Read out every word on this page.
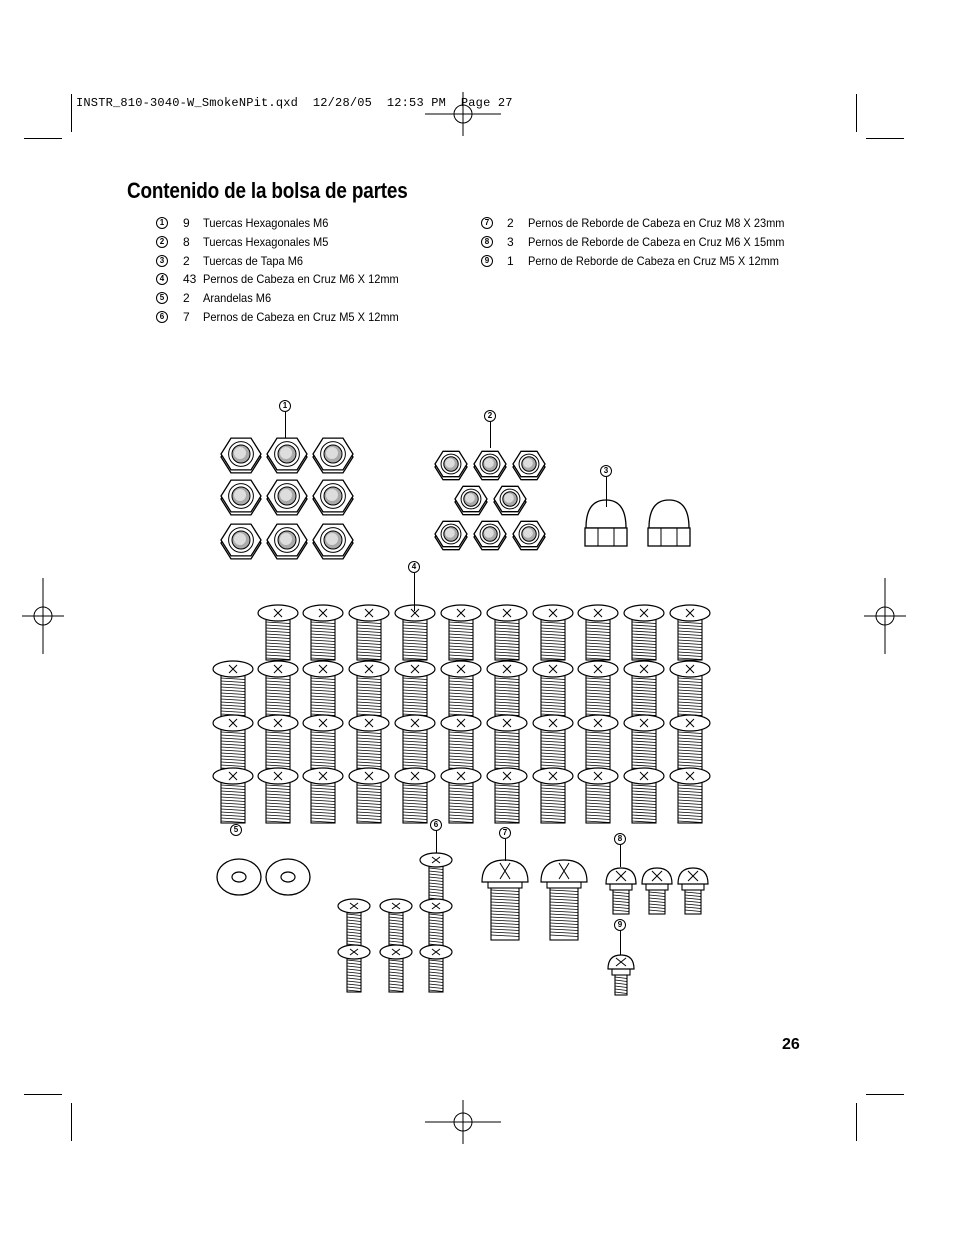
INSTR_810-3040-W_SmokeNPit.qxd  12/28/05  12:53 PM  Page 27
Contenido de la bolsa de partes
1	9 Tuercas Hexagonales M6
2	8 Tuercas Hexagonales M5
3	2 Tuercas de Tapa M6
4	43 Pernos de Cabeza en Cruz M6 X 12mm
5	2 Arandelas M6
6	7 Pernos de Cabeza en Cruz M5 X 12mm
7	2 Pernos de Reborde de Cabeza en Cruz M8 X 23mm
8	3 Pernos de Reborde de Cabeza en Cruz M6 X 15mm
9	1 Perno de Reborde de Cabeza en Cruz M5 X 12mm
1
2
3
4
5
6
7
8
9
26
